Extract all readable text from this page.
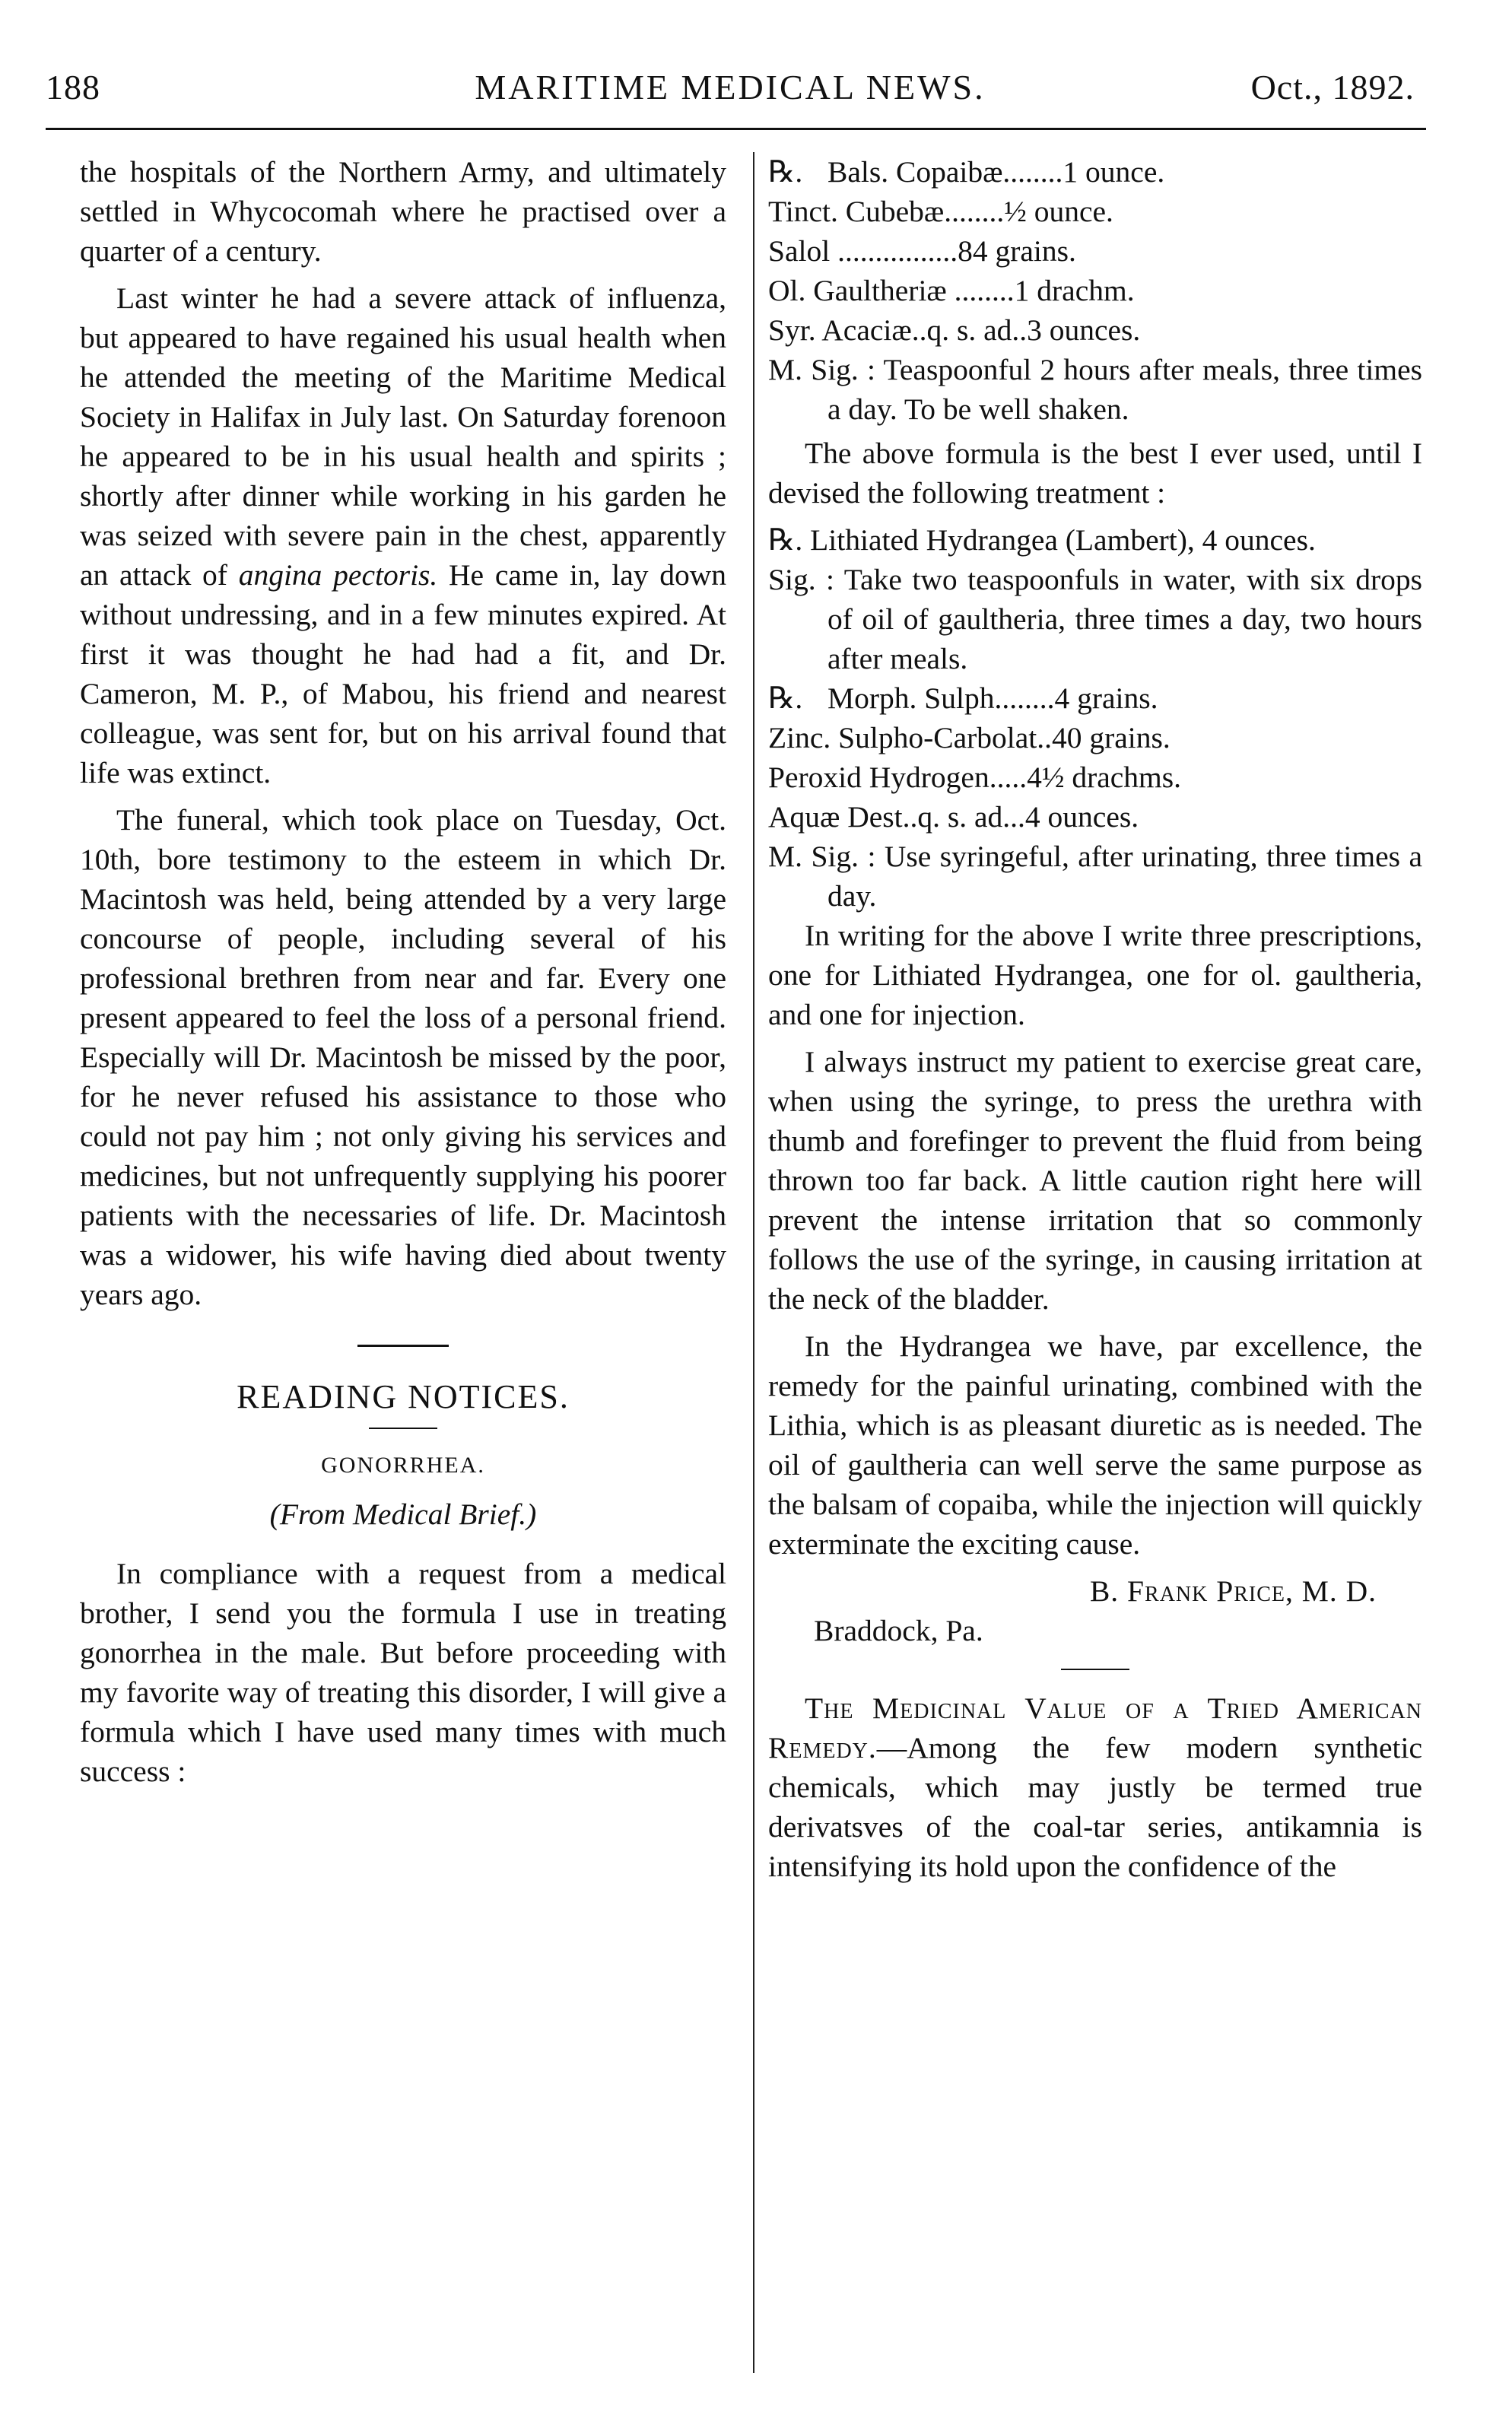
188	MARITIME MEDICAL NEWS.	Oct., 1892.

the hospitals of the Northern Army, and ultimately settled in Whycocomah where he practised over a quarter of a century.

Last winter he had a severe attack of influenza, but appeared to have regained his usual health when he attended the meeting of the Maritime Medical Society in Halifax in July last. On Saturday forenoon he appeared to be in his usual health and spirits ; shortly after dinner while working in his garden he was seized with severe pain in the chest, apparently an attack of angina pectoris. He came in, lay down without undressing, and in a few minutes expired. At first it was thought he had had a fit, and Dr. Cameron, M. P., of Mabou, his friend and nearest colleague, was sent for, but on his arrival found that life was extinct.

The funeral, which took place on Tuesday, Oct. 10th, bore testimony to the esteem in which Dr. Macintosh was held, being attended by a very large concourse of people, including several of his professional brethren from near and far. Every one present appeared to feel the loss of a personal friend. Especially will Dr. Macintosh be missed by the poor, for he never refused his assistance to those who could not pay him ; not only giving his services and medicines, but not unfrequently supplying his poorer patients with the necessaries of life. Dr. Macintosh was a widower, his wife having died about twenty years ago.

READING NOTICES.
GONORRHEA.
(From Medical Brief.)

In compliance with a request from a medical brother, I send you the formula I use in treating gonorrhea in the male. But before proceeding with my favorite way of treating this disorder, I will give a formula which I have used many times with much success :

℞. Bals. Copaibæ........1 ounce.
Tinct. Cubebæ........½ ounce.
Salol ................84 grains.
Ol. Gaultheriæ ........1 drachm.
Syr. Acaciæ..q. s. ad..3 ounces.

M. Sig. : Teaspoonful 2 hours after meals, three times a day. To be well shaken.

The above formula is the best I ever used, until I devised the following treatment :

℞. Lithiated Hydrangea (Lambert), 4 ounces.

Sig. : Take two teaspoonfuls in water, with six drops of oil of gaultheria, three times a day, two hours after meals.

℞. Morph. Sulph........4 grains.
Zinc. Sulpho-Carbolat..40 grains.
Peroxid Hydrogen.....4½ drachms.
Aquæ Dest..q. s. ad...4 ounces.

M. Sig. : Use syringeful, after urinating, three times a day.

In writing for the above I write three prescriptions, one for Lithiated Hydrangea, one for ol. gaultheria, and one for injection.

I always instruct my patient to exercise great care, when using the syringe, to press the urethra with thumb and forefinger to prevent the fluid from being thrown too far back. A little caution right here will prevent the intense irritation that so commonly follows the use of the syringe, in causing irritation at the neck of the bladder.

In the Hydrangea we have, par excellence, the remedy for the painful urinating, combined with the Lithia, which is as pleasant diuretic as is needed. The oil of gaultheria can well serve the same purpose as the balsam of copaiba, while the injection will quickly exterminate the exciting cause.

B. Frank Price, M. D.

Braddock, Pa.

The Medicinal Value of a Tried American Remedy.—Among the few modern synthetic chemicals, which may justly be termed true derivatsves of the coal-tar series, antikamnia is intensifying its hold upon the confidence of the
